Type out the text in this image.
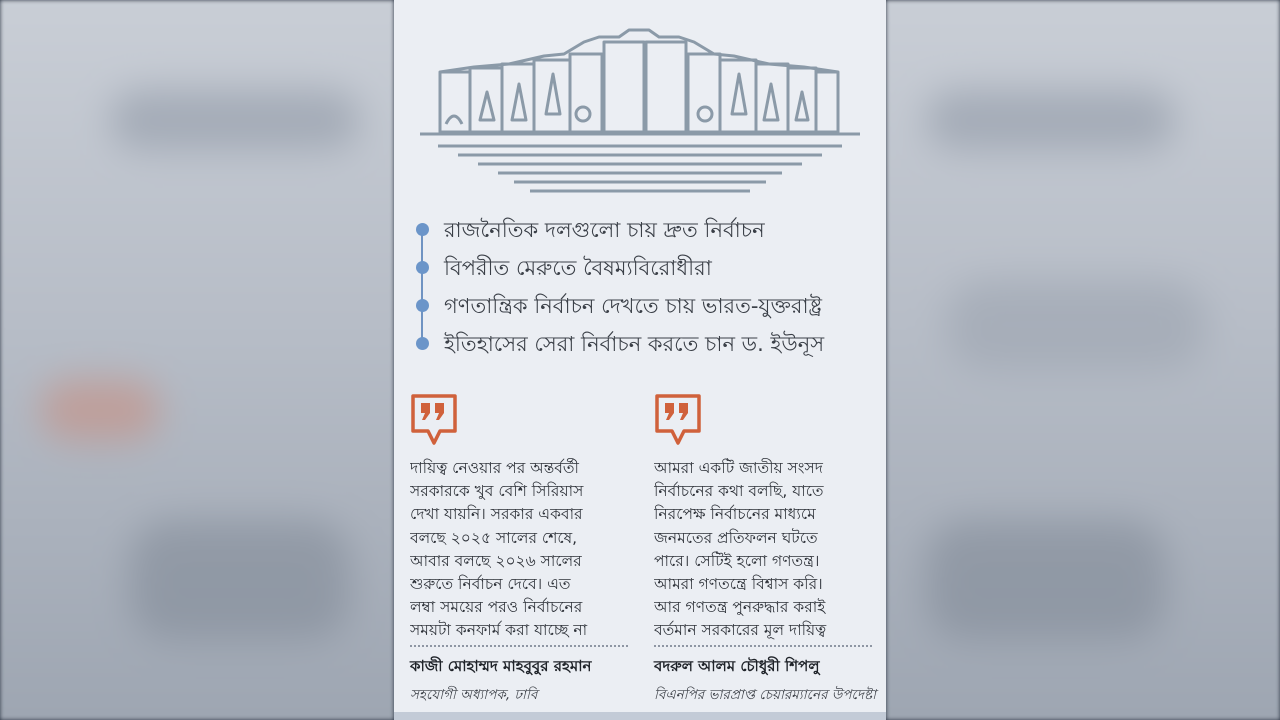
রাজনৈতিক দলগুলো চায় দ্রুত নির্বাচন
বিপরীত মেরুতে বৈষম্যবিরোধীরা
গণতান্ত্রিক নির্বাচন দেখতে চায় ভারত-যুক্তরাষ্ট্র
ইতিহাসের সেরা নির্বাচন করতে চান ড. ইউনূস
দায়িত্ব নেওয়ার পর অন্তর্বর্তী
সরকারকে খুব বেশি সিরিয়াস
দেখা যায়নি। সরকার একবার
বলছে ২০২৫ সালের শেষে,
আবার বলছে ২০২৬ সালের
শুরুতে নির্বাচন দেবে। এত
লম্বা সময়ের পরও নির্বাচনের
সময়টা কনফার্ম করা যাচ্ছে না
কাজী মোহাম্মদ মাহবুবুর রহমান
সহযোগী অধ্যাপক, ঢাবি
আমরা একটি জাতীয় সংসদ
নির্বাচনের কথা বলছি, যাতে
নিরপেক্ষ নির্বাচনের মাধ্যমে
জনমতের প্রতিফলন ঘটতে
পারে। সেটিই হলো গণতন্ত্র।
আমরা গণতন্ত্রে বিশ্বাস করি।
আর গণতন্ত্র পুনরুদ্ধার করাই
বর্তমান সরকারের মূল দায়িত্ব
বদরুল আলম চৌধুরী শিপলু
বিএনপির ভারপ্রাপ্ত চেয়ারম্যানের উপদেষ্টা
